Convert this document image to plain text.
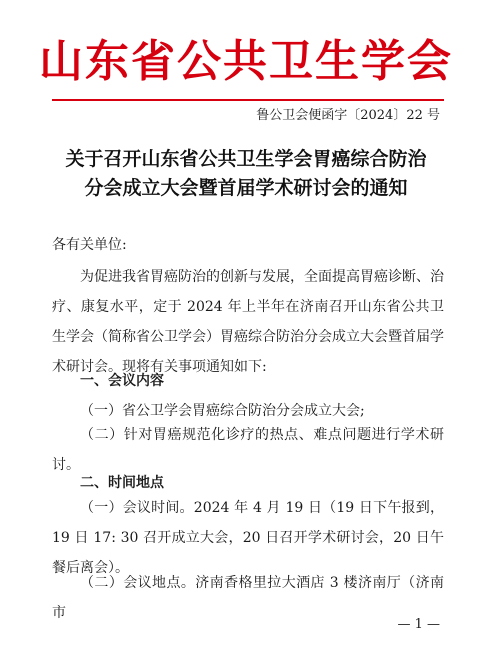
山东省公共卫生学会
鲁公卫会便函字〔2024〕22 号
关于召开山东省公共卫生学会胃癌综合防治
分会成立大会暨首届学术研讨会的通知
各有关单位:
为促进我省胃癌防治的创新与发展，全面提高胃癌诊断、治疗、康复水平，定于 2024 年上半年在济南召开山东省公共卫生学会（简称省公卫学会）胃癌综合防治分会成立大会暨首届学术研讨会。现将有关事项通知如下:
一、会议内容
（一）省公卫学会胃癌综合防治分会成立大会;
（二）针对胃癌规范化诊疗的热点、难点问题进行学术研讨。
二、时间地点
（一）会议时间。2024 年 4 月 19 日（19 日下午报到，19 日 17: 30 召开成立大会，20 日召开学术研讨会，20 日午餐后离会）。
（二）会议地点。济南香格里拉大酒店 3 楼济南厅（济南市
— 1 —
